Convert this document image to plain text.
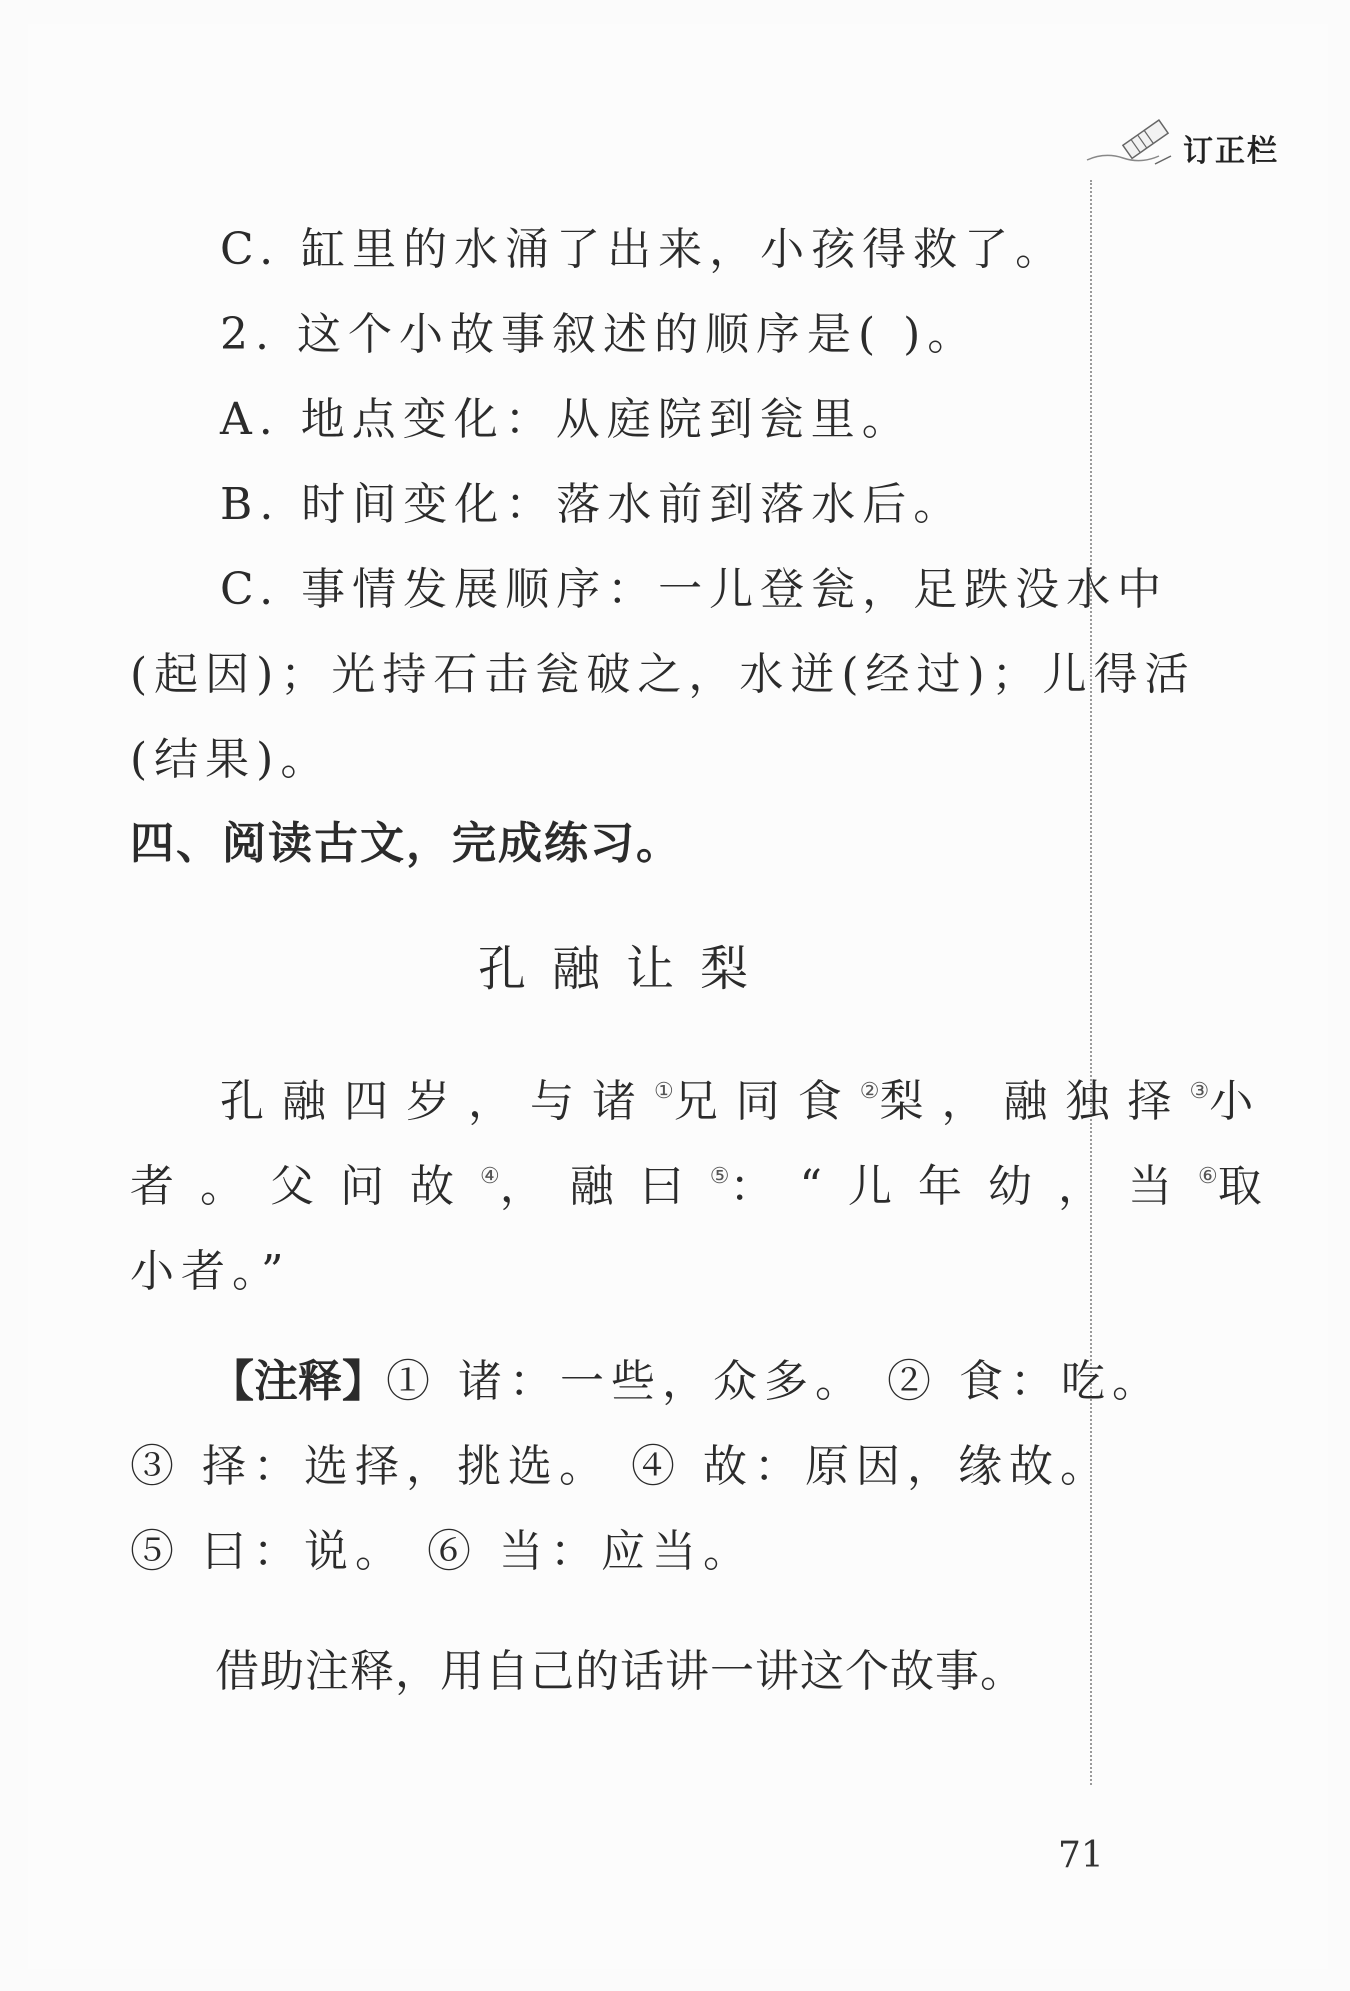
订正栏
C. 缸里的水涌了出来，小孩得救了。
2. 这个小故事叙述的顺序是( )。
A. 地点变化：从庭院到瓮里。
B. 时间变化：落水前到落水后。
C. 事情发展顺序：一儿登瓮，足跌没水中
(起因)；光持石击瓮破之，水迸(经过)；儿得活
(结果)。
四、阅读古文，完成练习。
孔融让梨
孔融四岁，与诸①兄同食②梨，融独择③小
者。父问故④，融曰⑤：“儿年幼，当⑥取
小者。”
【注释】① 诸：一些，众多。 ② 食：吃。
③ 择：选择，挑选。 ④ 故：原因，缘故。
⑤ 曰：说。 ⑥ 当：应当。
借助注释，用自己的话讲一讲这个故事。
71
